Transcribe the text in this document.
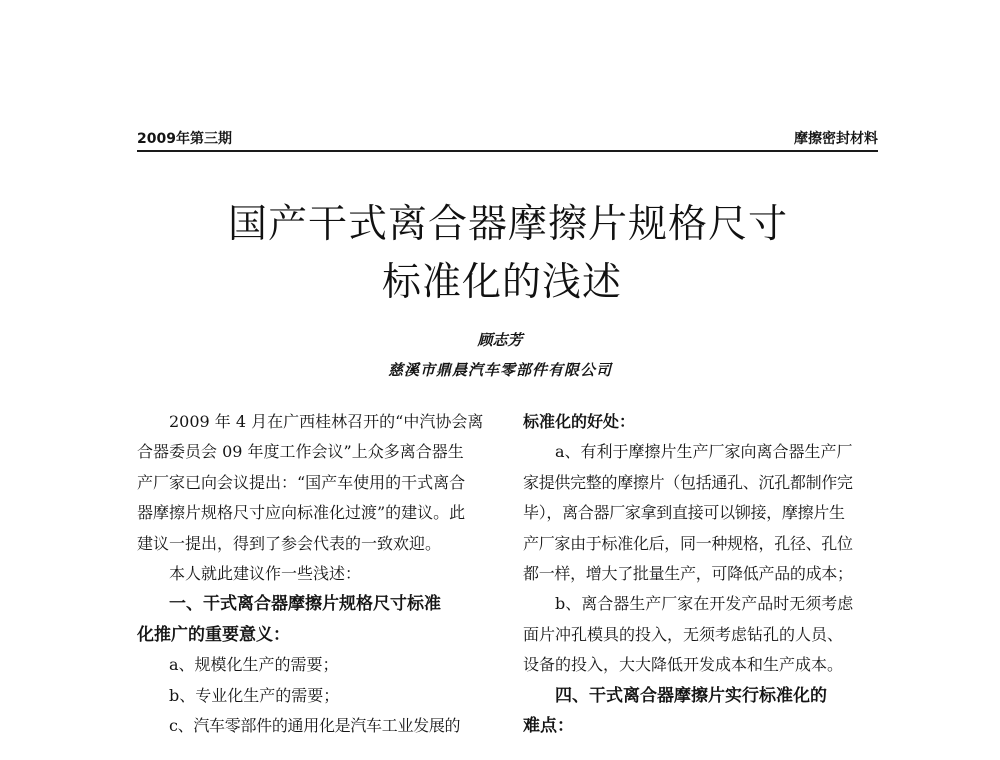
2009年第三期	摩擦密封材料
国产干式离合器摩擦片规格尺寸
标准化的浅述
顾志芳
慈溪市鼎晨汽车零部件有限公司
2009 年 4 月在广西桂林召开的“中汽协会离
合器委员会 09 年度工作会议”上众多离合器生
产厂家已向会议提出：“国产车使用的干式离合
器摩擦片规格尺寸应向标准化过渡”的建议。此
建议一提出，得到了参会代表的一致欢迎。
本人就此建议作一些浅述：
一、干式离合器摩擦片规格尺寸标准
化推广的重要意义：
a、规模化生产的需要；
b、专业化生产的需要；
c、汽车零部件的通用化是汽车工业发展的
标准化的好处：
a、有利于摩擦片生产厂家向离合器生产厂
家提供完整的摩擦片（包括通孔、沉孔都制作完
毕），离合器厂家拿到直接可以铆接，摩擦片生
产厂家由于标准化后，同一种规格，孔径、孔位
都一样，增大了批量生产，可降低产品的成本；
b、离合器生产厂家在开发产品时无须考虑
面片冲孔模具的投入，无须考虑钻孔的人员、
设备的投入，大大降低开发成本和生产成本。
四、干式离合器摩擦片实行标准化的
难点：
